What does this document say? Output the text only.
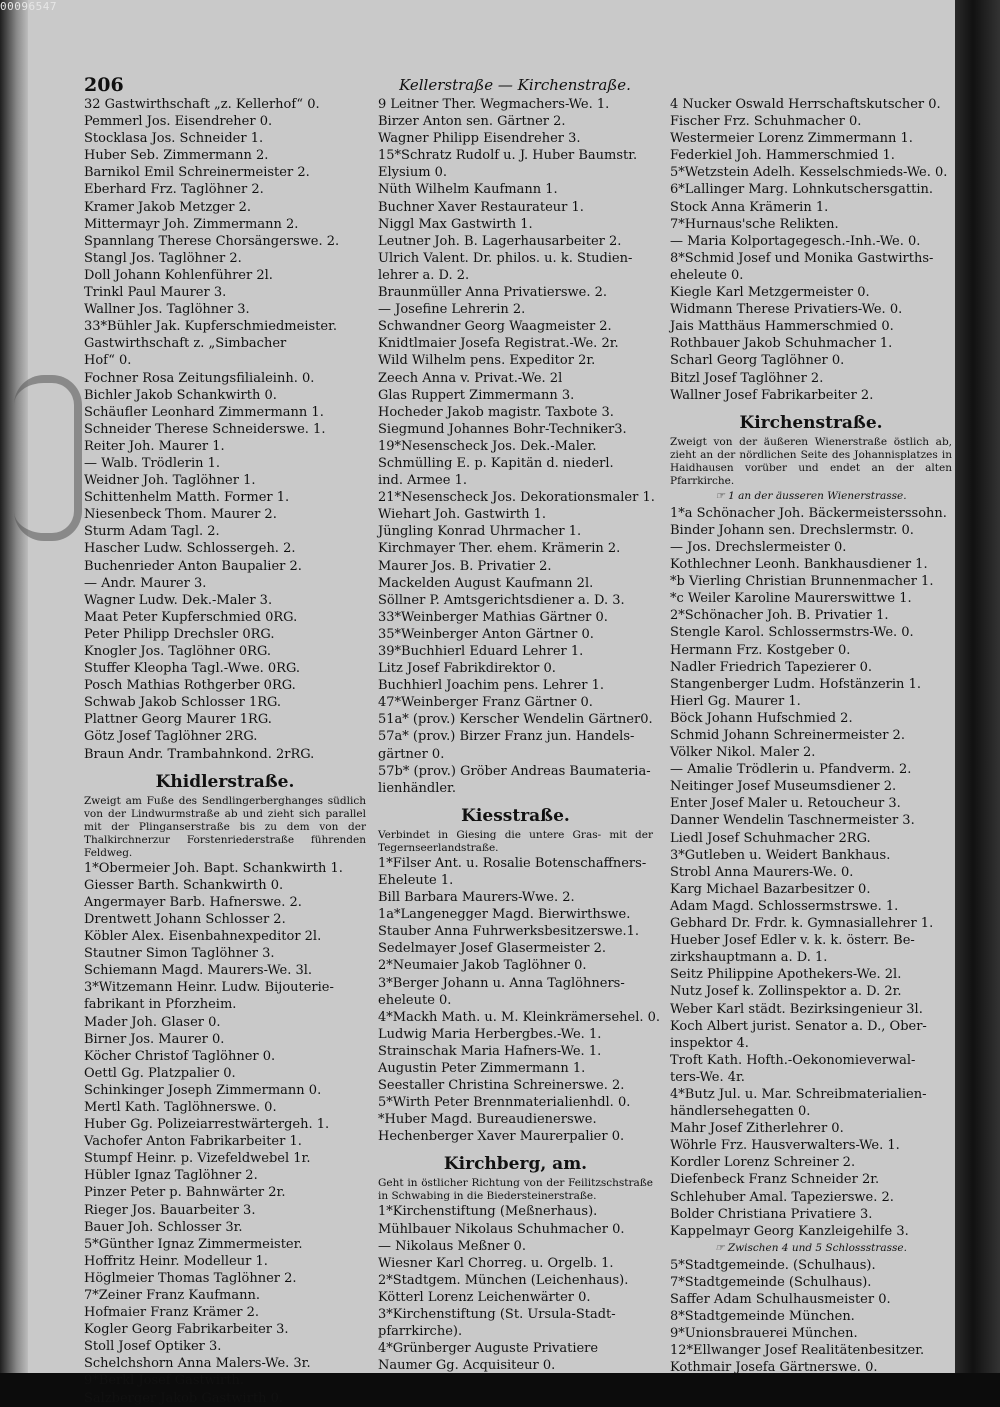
00096547
206	Kellerstraße — Kirchenstraße.
32 Gastwirthschaft „z. Kellerhof“ 0.
Pemmerl Jos. Eisendreher 0.
Stocklasa Jos. Schneider 1.
Huber Seb. Zimmermann 2.
Barnikol Emil Schreinermeister 2.
Eberhard Frz. Taglöhner 2.
Kramer Jakob Metzger 2.
Mittermayr Joh. Zimmermann 2.
Spannlang Therese Chorsängerswe. 2.
Stangl Jos. Taglöhner 2.
Doll Johann Kohlenführer 2l.
Trinkl Paul Maurer 3.
Wallner Jos. Taglöhner 3.
33*Bühler Jak. Kupferschmiedmeister.
Gastwirthschaft z. „Simbacher
Hof“ 0.
Fochner Rosa Zeitungsfilialeinh. 0.
Bichler Jakob Schankwirth 0.
Schäufler Leonhard Zimmermann 1.
Schneider Therese Schneiderswe. 1.
Reiter Joh. Maurer 1.
— Walb. Trödlerin 1.
Weidner Joh. Taglöhner 1.
Schittenhelm Matth. Former 1.
Niesenbeck Thom. Maurer 2.
Sturm Adam Tagl. 2.
Hascher Ludw. Schlossergeh. 2.
Buchenrieder Anton Baupalier 2.
— Andr. Maurer 3.
Wagner Ludw. Dek.-Maler 3.
Maat Peter Kupferschmied 0RG.
Peter Philipp Drechsler 0RG.
Knogler Jos. Taglöhner 0RG.
Stuffer Kleopha Tagl.-Wwe. 0RG.
Posch Mathias Rothgerber 0RG.
Schwab Jakob Schlosser 1RG.
Plattner Georg Maurer 1RG.
Götz Josef Taglöhner 2RG.
Braun Andr. Trambahnkond. 2rRG.
Khidlerstraße.
Zweigt am Fuße des Sendlingerberghanges südlich von der Lindwurmstraße ab und zieht sich parallel mit der Plinganserstraße bis zu dem von der Thalkirchnerzur Forstenriederstraße führenden Feldweg.
1*Obermeier Joh. Bapt. Schankwirth 1.
Giesser Barth. Schankwirth 0.
Angermayer Barb. Hafnerswe. 2.
Drentwett Johann Schlosser 2.
Köbler Alex. Eisenbahnexpeditor 2l.
Stautner Simon Taglöhner 3.
Schiemann Magd. Maurers-We. 3l.
3*Witzemann Heinr. Ludw. Bijouterie-
fabrikant in Pforzheim.
Mader Joh. Glaser 0.
Birner Jos. Maurer 0.
Köcher Christof Taglöhner 0.
Oettl Gg. Platzpalier 0.
Schinkinger Joseph Zimmermann 0.
Mertl Kath. Taglöhnerswe. 0.
Huber Gg. Polizeiarrestwärtergeh. 1.
Vachofer Anton Fabrikarbeiter 1.
Stumpf Heinr. p. Vizefeldwebel 1r.
Hübler Ignaz Taglöhner 2.
Pinzer Peter p. Bahnwärter 2r.
Rieger Jos. Bauarbeiter 3.
Bauer Joh. Schlosser 3r.
5*Günther Ignaz Zimmermeister.
Hoffritz Heinr. Modelleur 1.
Höglmeier Thomas Taglöhner 2.
7*Zeiner Franz Kaufmann.
Hofmaier Franz Krämer 2.
Kogler Georg Fabrikarbeiter 3.
Stoll Josef Optiker 3.
Schelchshorn Anna Malers-We. 3r.
9*Berkl Josef Gastwirth.
Salzberger Jakob Gastwirth 0.
9 Leitner Ther. Wegmachers-We. 1.
Birzer Anton sen. Gärtner 2.
Wagner Philipp Eisendreher 3.
15*Schratz Rudolf u. J. Huber Baumstr.
Elysium 0.
Nüth Wilhelm Kaufmann 1.
Buchner Xaver Restaurateur 1.
Niggl Max Gastwirth 1.
Leutner Joh. B. Lagerhausarbeiter 2.
Ulrich Valent. Dr. philos. u. k. Studien-
lehrer a. D. 2.
Braunmüller Anna Privatierswe. 2.
— Josefine Lehrerin 2.
Schwandner Georg Waagmeister 2.
Knidtlmaier Josefa Registrat.-We. 2r.
Wild Wilhelm pens. Expeditor 2r.
Zeech Anna v. Privat.-We. 2l
Glas Ruppert Zimmermann 3.
Hocheder Jakob magistr. Taxbote 3.
Siegmund Johannes Bohr-Techniker3.
19*Nesenscheck Jos. Dek.-Maler.
Schmülling E. p. Kapitän d. niederl.
ind. Armee 1.
21*Nesenscheck Jos. Dekorationsmaler 1.
Wiehart Joh. Gastwirth 1.
Jüngling Konrad Uhrmacher 1.
Kirchmayer Ther. ehem. Krämerin 2.
Maurer Jos. B. Privatier 2.
Mackelden August Kaufmann 2l.
Söllner P. Amtsgerichtsdiener a. D. 3.
33*Weinberger Mathias Gärtner 0.
35*Weinberger Anton Gärtner 0.
39*Buchhierl Eduard Lehrer 1.
Litz Josef Fabrikdirektor 0.
Buchhierl Joachim pens. Lehrer 1.
47*Weinberger Franz Gärtner 0.
51a* (prov.) Kerscher Wendelin Gärtner0.
57a* (prov.) Birzer Franz jun. Handels-
gärtner 0.
57b* (prov.) Gröber Andreas Baumateria-
lienhändler.
Kiesstraße.
Verbindet in Giesing die untere Gras- mit der Tegernseerlandstraße.
1*Filser Ant. u. Rosalie Botenschaffners-
Eheleute 1.
Bill Barbara Maurers-Wwe. 2.
1a*Langenegger Magd. Bierwirthswe.
Stauber Anna Fuhrwerksbesitzerswe.1.
Sedelmayer Josef Glasermeister 2.
2*Neumaier Jakob Taglöhner 0.
3*Berger Johann u. Anna Taglöhners-
eheleute 0.
4*Mackh Math. u. M. Kleinkrämersehel. 0.
Ludwig Maria Herbergbes.-We. 1.
Strainschak Maria Hafners-We. 1.
Augustin Peter Zimmermann 1.
Seestaller Christina Schreinerswe. 2.
5*Wirth Peter Brennmaterialienhdl. 0.
*Huber Magd. Bureaudienerswe.
Hechenberger Xaver Maurerpalier 0.
Kirchberg, am.
Geht in östlicher Richtung von der Feilitzschstraße in Schwabing in die Biedersteinerstraße.
1*Kirchenstiftung (Meßnerhaus).
Mühlbauer Nikolaus Schuhmacher 0.
— Nikolaus Meßner 0.
Wiesner Karl Chorreg. u. Orgelb. 1.
2*Stadtgem. München (Leichenhaus).
Kötterl Lorenz Leichenwärter 0.
3*Kirchenstiftung (St. Ursula-Stadt-
pfarrkirche).
4*Grünberger Auguste Privatiere
Naumer Gg. Acquisiteur 0.
4 Nucker Oswald Herrschaftskutscher 0.
Fischer Frz. Schuhmacher 0.
Westermeier Lorenz Zimmermann 1.
Federkiel Joh. Hammerschmied 1.
5*Wetzstein Adelh. Kesselschmieds-We. 0.
6*Lallinger Marg. Lohnkutschersgattin.
Stock Anna Krämerin 1.
7*Hurnaus'sche Relikten.
— Maria Kolportagegesch.-Inh.-We. 0.
8*Schmid Josef und Monika Gastwirths-
eheleute 0.
Kiegle Karl Metzgermeister 0.
Widmann Therese Privatiers-We. 0.
Jais Matthäus Hammerschmied 0.
Rothbauer Jakob Schuhmacher 1.
Scharl Georg Taglöhner 0.
Bitzl Josef Taglöhner 2.
Wallner Josef Fabrikarbeiter 2.
Kirchenstraße.
Zweigt von der äußeren Wienerstraße östlich ab, zieht an der nördlichen Seite des Johannisplatzes in Haidhausen vorüber und endet an der alten Pfarrkirche.
☞ 1 an der äusseren Wienerstrasse.
1*a Schönacher Joh. Bäckermeisterssohn.
Binder Johann sen. Drechslermstr. 0.
— Jos. Drechslermeister 0.
Kothlechner Leonh. Bankhausdiener 1.
*b Vierling Christian Brunnenmacher 1.
*c Weiler Karoline Maurerswittwe 1.
2*Schönacher Joh. B. Privatier 1.
Stengle Karol. Schlossermstrs-We. 0.
Hermann Frz. Kostgeber 0.
Nadler Friedrich Tapezierer 0.
Stangenberger Ludm. Hofstänzerin 1.
Hierl Gg. Maurer 1.
Böck Johann Hufschmied 2.
Schmid Johann Schreinermeister 2.
Völker Nikol. Maler 2.
— Amalie Trödlerin u. Pfandverm. 2.
Neitinger Josef Museumsdiener 2.
Enter Josef Maler u. Retoucheur 3.
Danner Wendelin Taschnermeister 3.
Liedl Josef Schuhmacher 2RG.
3*Gutleben u. Weidert Bankhaus.
Strobl Anna Maurers-We. 0.
Karg Michael Bazarbesitzer 0.
Adam Magd. Schlossermstrswe. 1.
Gebhard Dr. Frdr. k. Gymnasiallehrer 1.
Hueber Josef Edler v. k. k. österr. Be-
zirkshauptmann a. D. 1.
Seitz Philippine Apothekers-We. 2l.
Nutz Josef k. Zollinspektor a. D. 2r.
Weber Karl städt. Bezirksingenieur 3l.
Koch Albert jurist. Senator a. D., Ober-
inspektor 4.
Troft Kath. Hofth.-Oekonomieverwal-
ters-We. 4r.
4*Butz Jul. u. Mar. Schreibmaterialien-
händlersehegatten 0.
Mahr Josef Zitherlehrer 0.
Wöhrle Frz. Hausverwalters-We. 1.
Kordler Lorenz Schreiner 2.
Diefenbeck Franz Schneider 2r.
Schlehuber Amal. Tapezierswe. 2.
Bolder Christiana Privatiere 3.
Kappelmayr Georg Kanzleigehilfe 3.
☞ Zwischen 4 und 5 Schlossstrasse.
5*Stadtgemeinde. (Schulhaus).
7*Stadtgemeinde (Schulhaus).
Saffer Adam Schulhausmeister 0.
8*Stadtgemeinde München.
9*Unionsbrauerei München.
12*Ellwanger Josef Realitätenbesitzer.
Kothmair Josefa Gärtnerswe. 0.
